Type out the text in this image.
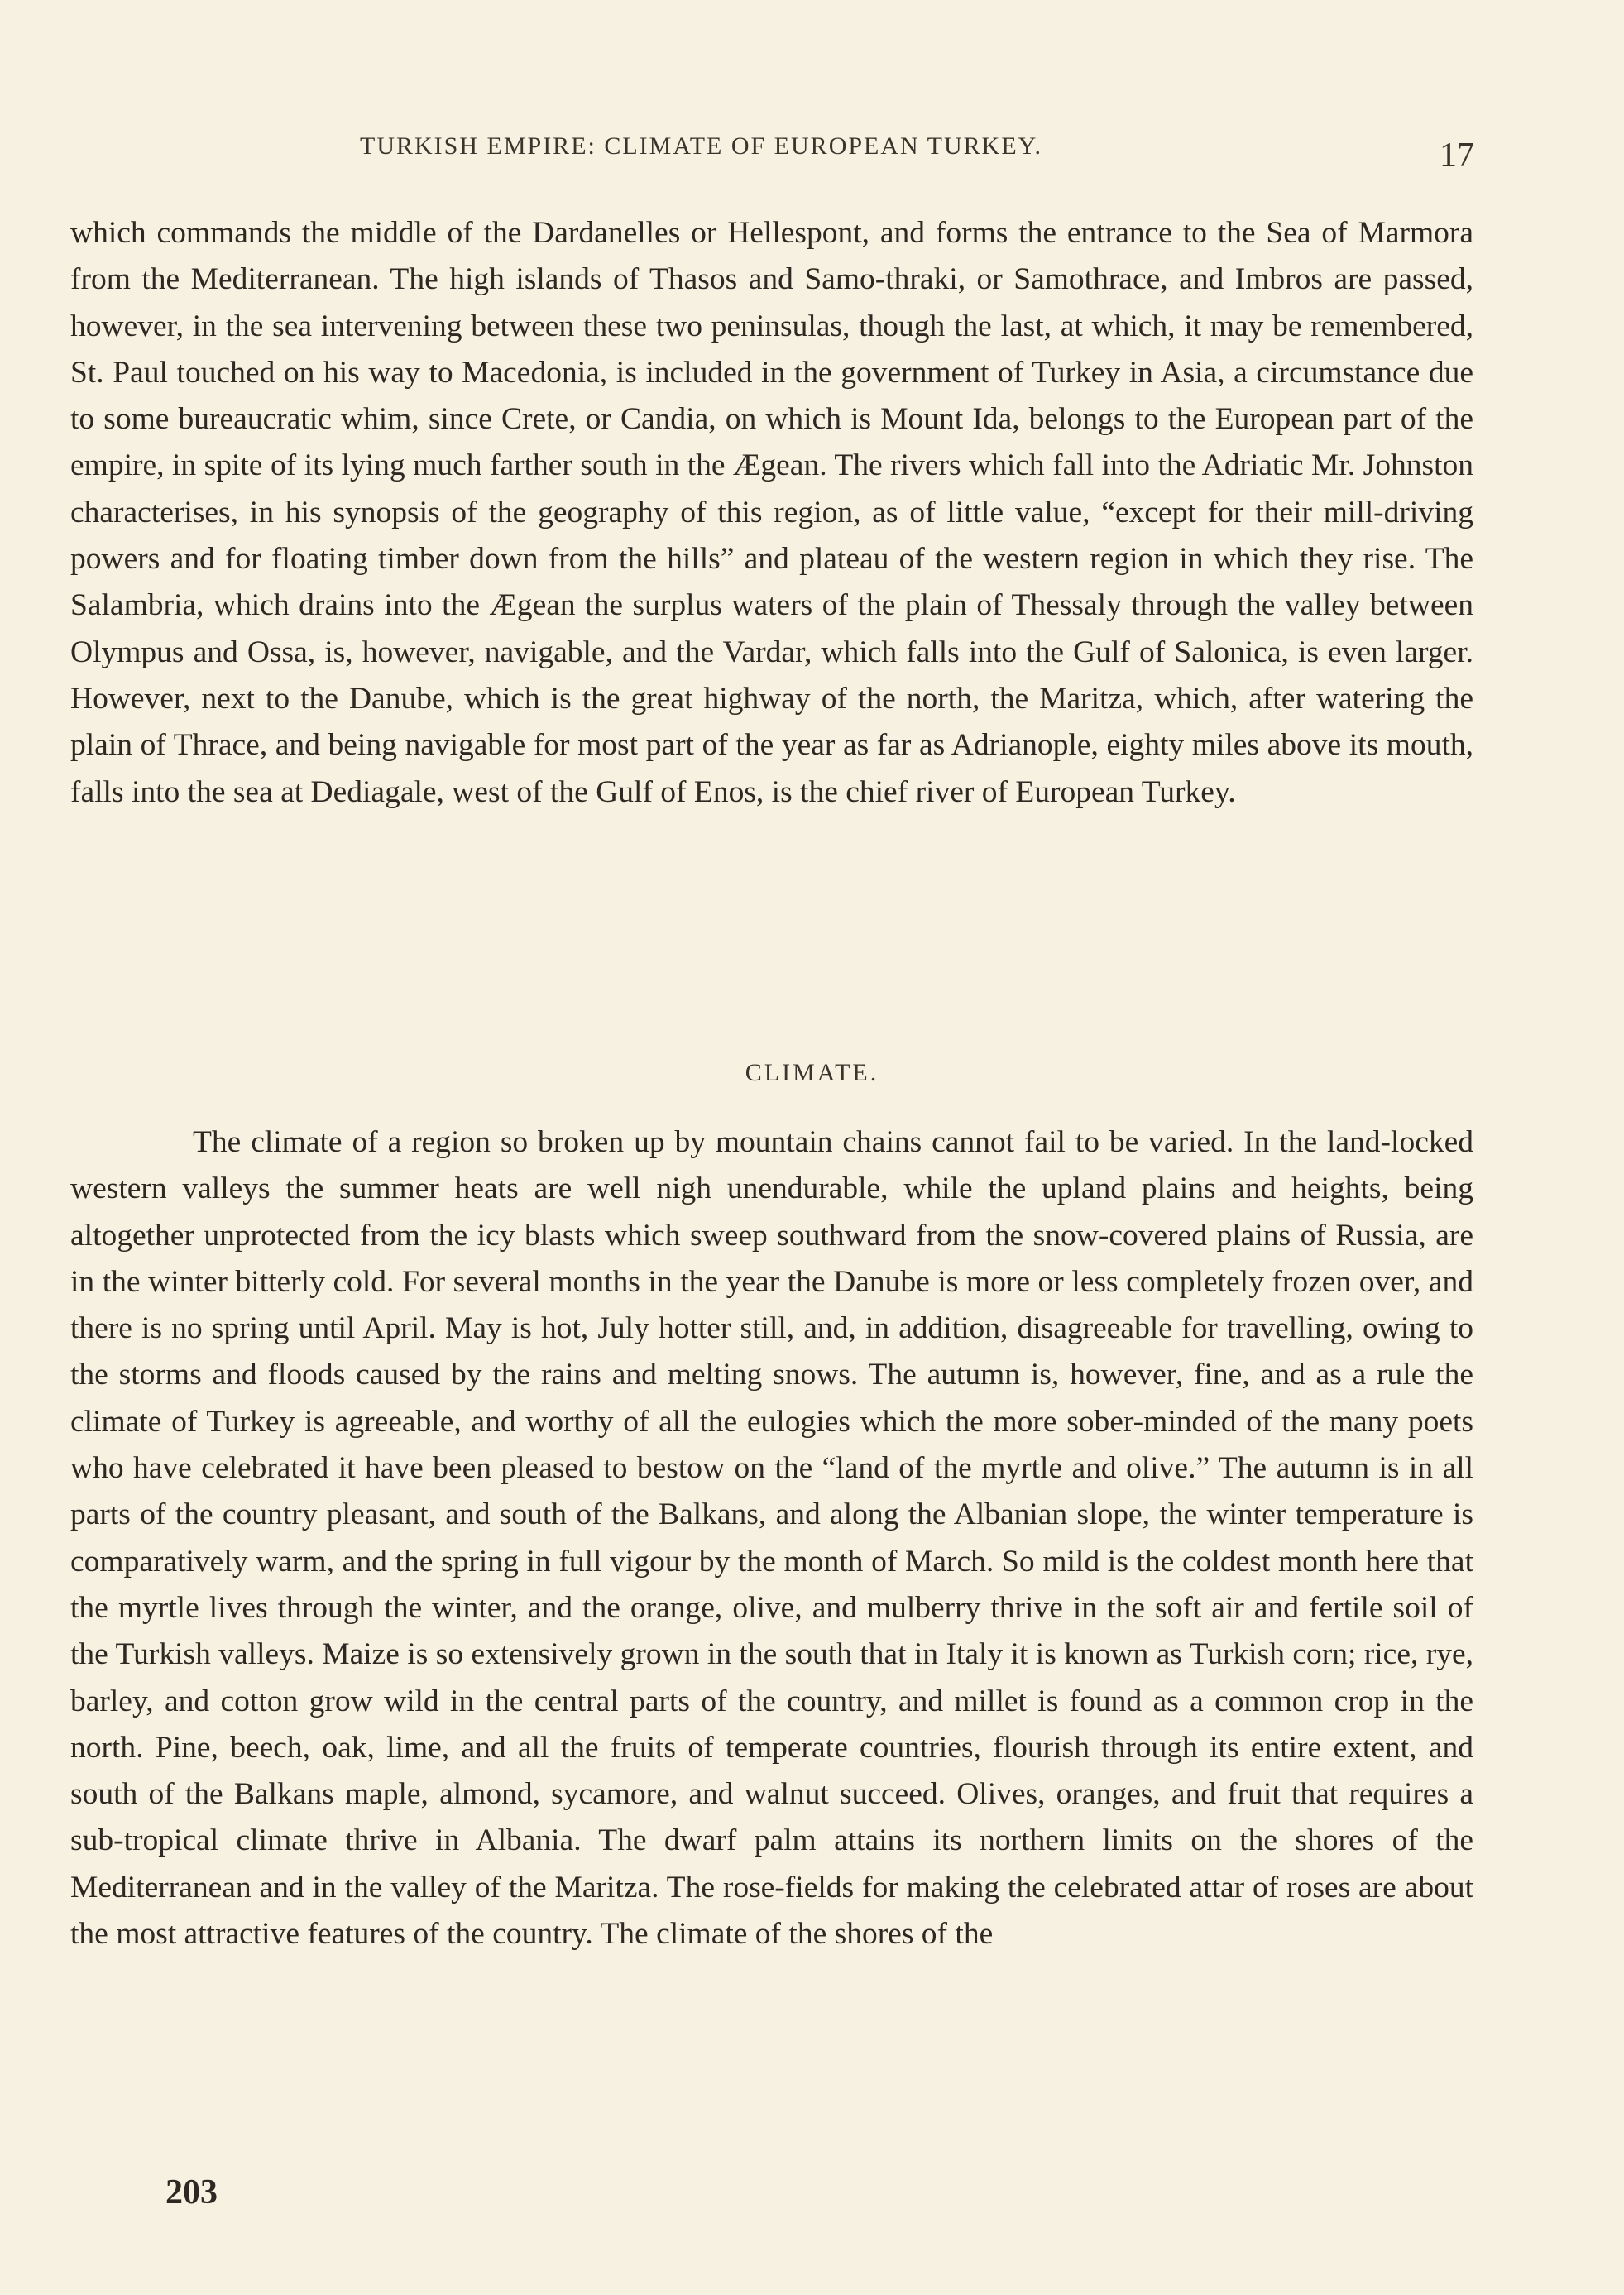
TURKISH EMPIRE: CLIMATE OF EUROPEAN TURKEY.	17

which commands the middle of the Dardanelles or Hellespont, and forms the entrance to the Sea of Marmora from the Mediterranean. The high islands of Thasos and Samo-thraki, or Samothrace, and Imbros are passed, however, in the sea intervening between these two peninsulas, though the last, at which, it may be remembered, St. Paul touched on his way to Macedonia, is included in the government of Turkey in Asia, a circumstance due to some bureaucratic whim, since Crete, or Candia, on which is Mount Ida, belongs to the European part of the empire, in spite of its lying much farther south in the Ægean. The rivers which fall into the Adriatic Mr. Johnston characterises, in his synopsis of the geography of this region, as of little value, “except for their mill-driving powers and for floating timber down from the hills” and plateau of the western region in which they rise. The Salambria, which drains into the Ægean the surplus waters of the plain of Thessaly through the valley between Olympus and Ossa, is, however, navigable, and the Vardar, which falls into the Gulf of Salonica, is even larger. However, next to the Danube, which is the great highway of the north, the Maritza, which, after watering the plain of Thrace, and being navigable for most part of the year as far as Adrianople, eighty miles above its mouth, falls into the sea at Dediagale, west of the Gulf of Enos, is the chief river of European Turkey.

CLIMATE.

The climate of a region so broken up by mountain chains cannot fail to be varied. In the land-locked western valleys the summer heats are well nigh unendurable, while the upland plains and heights, being altogether unprotected from the icy blasts which sweep southward from the snow-covered plains of Russia, are in the winter bitterly cold. For several months in the year the Danube is more or less completely frozen over, and there is no spring until April. May is hot, July hotter still, and, in addition, disagreeable for travelling, owing to the storms and floods caused by the rains and melting snows. The autumn is, however, fine, and as a rule the climate of Turkey is agreeable, and worthy of all the eulogies which the more sober-minded of the many poets who have celebrated it have been pleased to bestow on the “land of the myrtle and olive.” The autumn is in all parts of the country pleasant, and south of the Balkans, and along the Albanian slope, the winter temperature is comparatively warm, and the spring in full vigour by the month of March. So mild is the coldest month here that the myrtle lives through the winter, and the orange, olive, and mulberry thrive in the soft air and fertile soil of the Turkish valleys. Maize is so extensively grown in the south that in Italy it is known as Turkish corn; rice, rye, barley, and cotton grow wild in the central parts of the country, and millet is found as a common crop in the north. Pine, beech, oak, lime, and all the fruits of temperate countries, flourish through its entire extent, and south of the Balkans maple, almond, sycamore, and walnut succeed. Olives, oranges, and fruit that requires a sub-tropical climate thrive in Albania. The dwarf palm attains its northern limits on the shores of the Mediterranean and in the valley of the Maritza. The rose-fields for making the celebrated attar of roses are about the most attractive features of the country. The climate of the shores of the

203
